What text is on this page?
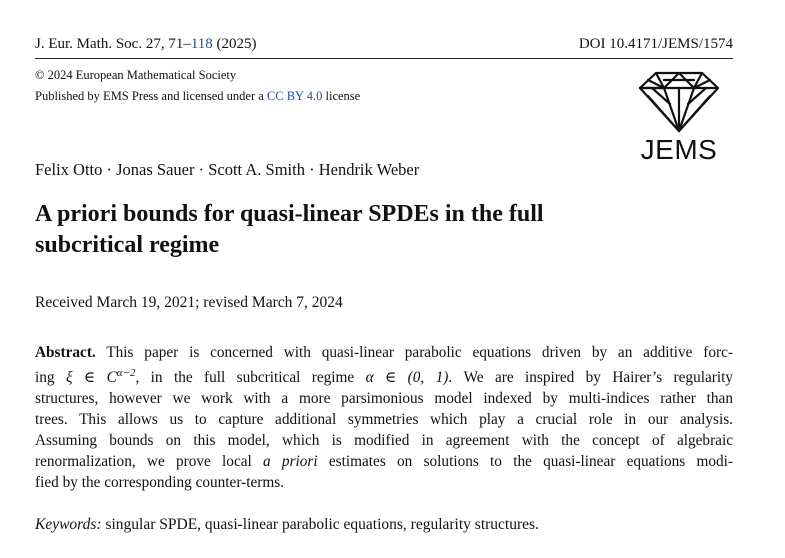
J. Eur. Math. Soc. 27, 71–118 (2025)	DOI 10.4171/JEMS/1574
© 2024 European Mathematical Society
Published by EMS Press and licensed under a CC BY 4.0 license
JEMS
Felix Otto · Jonas Sauer · Scott A. Smith · Hendrik Weber
A priori bounds for quasi-linear SPDEs in the full
subcritical regime
Received March 19, 2021; revised March 7, 2024
Abstract. This paper is concerned with quasi-linear parabolic equations driven by an additive forc-
ing ξ ∈ $C^{\alpha-2}$, in the full subcritical regime α ∈ (0, 1). We are inspired by Hairer’s regularity
structures, however we work with a more parsimonious model indexed by multi-indices rather than
trees. This allows us to capture additional symmetries which play a crucial role in our analysis.
Assuming bounds on this model, which is modified in agreement with the concept of algebraic
renormalization, we prove local a priori estimates on solutions to the quasi-linear equations modi-
fied by the corresponding counter-terms.
Keywords: singular SPDE, quasi-linear parabolic equations, regularity structures.
